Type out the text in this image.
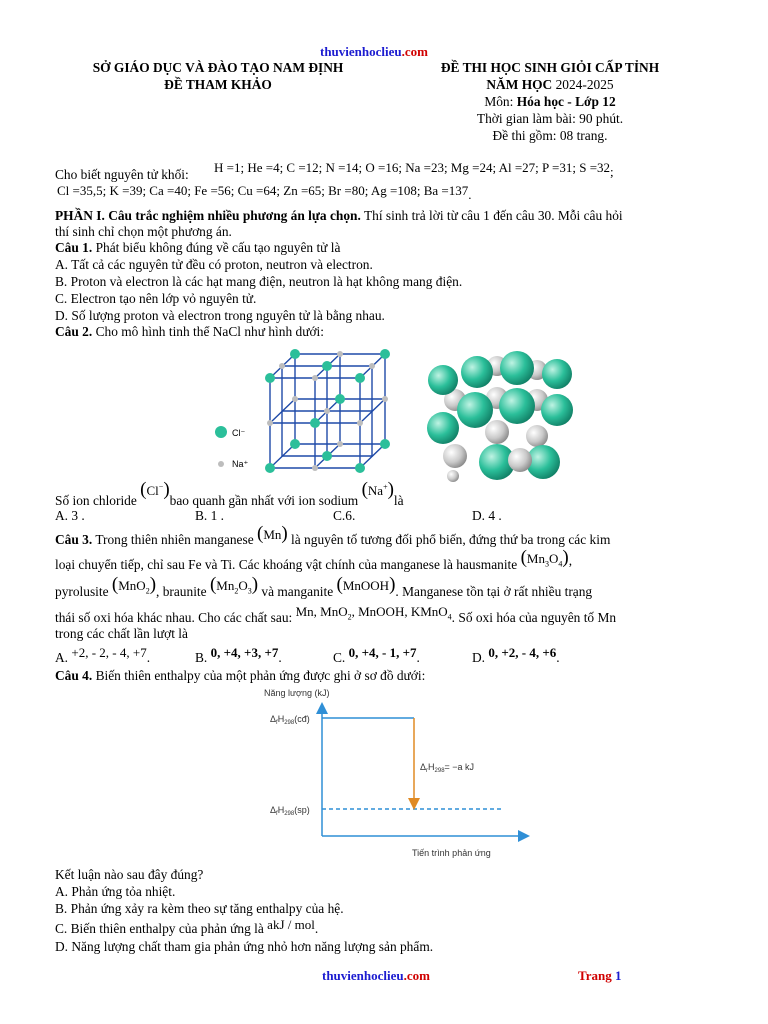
thuvienhoclieu.com
SỞ GIÁO DỤC VÀ ĐÀO TẠO NAM ĐỊNH
ĐỀ THAM KHẢO
ĐỀ THI HỌC SINH GIỎI CẤP TỈNH
NĂM HỌC 2024-2025
Môn: Hóa học - Lớp 12
Thời gian làm bài: 90 phút.
Đề thi gồm: 08 trang.
Cho biết nguyên tử khối: H =1; He =4; C =12; N =14; O =16; Na =23; Mg =24; Al =27; P =31; S =32;
Cl =35,5; K =39; Ca =40; Fe =56; Cu =64; Zn =65; Br =80; Ag =108; Ba =137.
PHẦN I. Câu trắc nghiệm nhiều phương án lựa chọn. Thí sinh trả lời từ câu 1 đến câu 30. Mỗi câu hỏi
thí sinh chỉ chọn một phương án.
Câu 1. Phát biểu không đúng về cấu tạo nguyên tử là
A. Tất cả các nguyên tử đều có proton, neutron và electron.
B. Proton và electron là các hạt mang điện, neutron là hạt không mang điện.
C. Electron tạo nên lớp vỏ nguyên tử.
D. Số lượng proton và electron trong nguyên tử là bằng nhau.
Câu 2. Cho mô hình tinh thể NaCl như hình dưới:
Cl⁻
Na⁺
Số ion chloride (Cl−)bao quanh gần nhất với ion sodium (Na+)là
A. 3 .	B. 1 .	C.6.	D. 4 .
Câu 3. Trong thiên nhiên manganese (Mn) là nguyên tố tương đối phổ biến, đứng thứ ba trong các kim
loại chuyển tiếp, chỉ sau Fe và Ti. Các khoáng vật chính của manganese là hausmanite $(Mn_3O_4)$,
pyrolusite (MnO$_2$), braunite $(Mn_2O_3)$ và manganite (MnOOH). Manganese tồn tại ở rất nhiều trạng
thái số oxi hóa khác nhau. Cho các chất sau: Mn, MnO$_2$, MnOOH, KMnO$_4$. Số oxi hóa của nguyên tố Mn
trong các chất lần lượt là
A. +2, - 2, - 4, +7.	B. 0, +4, +3, +7.	C. 0, +4, - 1, +7.	D. 0, +2, - 4, +6.
Câu 4. Biến thiên enthalpy của một phản ứng được ghi ở sơ đồ dưới:
Năng lượng (kJ)
$\Delta_fH_{298}(cđ)$
$\Delta_fH_{298}(sp)$
$\Delta_rH_{298}= -a$ kJ
Tiến trình phản ứng
Kết luận nào sau đây đúng?
A. Phản ứng tỏa nhiệt.
B. Phản ứng xảy ra kèm theo sự tăng enthalpy của hệ.
C. Biến thiên enthalpy của phản ứng là akJ / mol.
D. Năng lượng chất tham gia phản ứng nhỏ hơn năng lượng sản phẩm.
thuvienhoclieu.com	Trang 1
